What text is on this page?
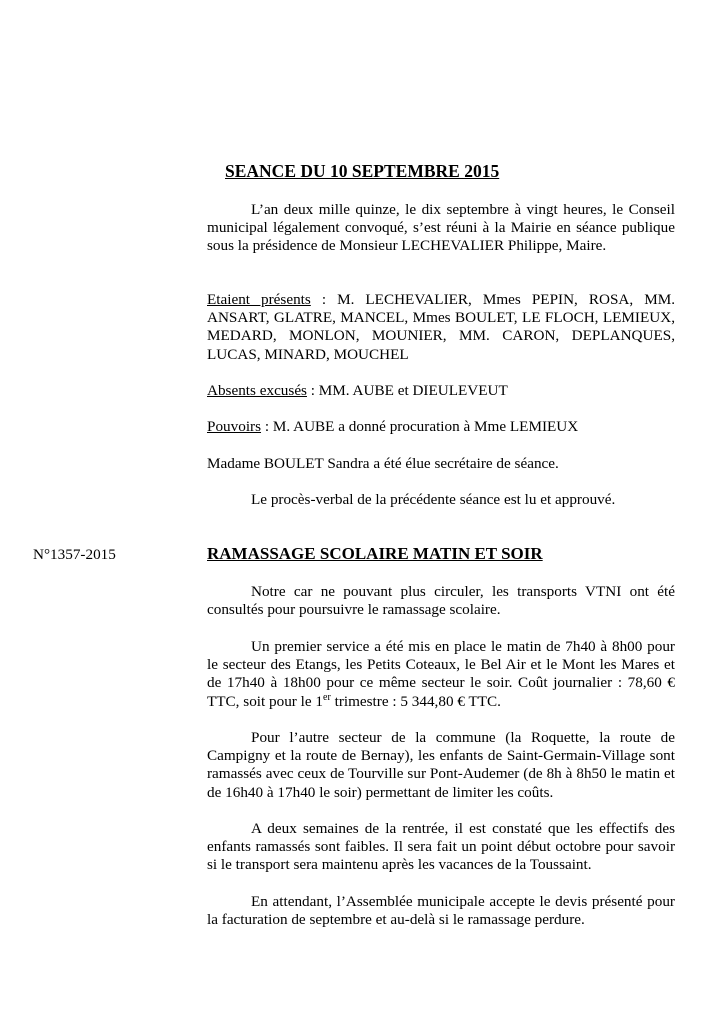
SEANCE DU 10 SEPTEMBRE 2015

L’an deux mille quinze, le dix septembre à vingt heures, le Conseil municipal légalement convoqué, s’est réuni à la Mairie en séance publique sous la présidence de Monsieur LECHEVALIER Philippe, Maire.

Etaient présents : M. LECHEVALIER, Mmes PEPIN, ROSA, MM. ANSART, GLATRE, MANCEL, Mmes BOULET, LE FLOCH, LEMIEUX, MEDARD, MONLON, MOUNIER, MM. CARON, DEPLANQUES, LUCAS, MINARD, MOUCHEL

Absents excusés : MM. AUBE et DIEULEVEUT

Pouvoirs : M. AUBE a donné procuration à Mme LEMIEUX

Madame BOULET Sandra a été élue secrétaire de séance.

Le procès-verbal de la précédente séance est lu et approuvé.

N°1357-2015	RAMASSAGE SCOLAIRE MATIN ET SOIR

Notre car ne pouvant plus circuler, les transports VTNI ont été consultés pour poursuivre le ramassage scolaire.

Un premier service a été mis en place le matin de 7h40 à 8h00 pour le secteur des Etangs, les Petits Coteaux, le Bel Air et le Mont les Mares et de 17h40 à 18h00 pour ce même secteur le soir. Coût journalier : 78,60 € TTC, soit pour le 1er trimestre : 5 344,80 € TTC.

Pour l’autre secteur de la commune (la Roquette, la route de Campigny et la route de Bernay), les enfants de Saint-Germain-Village sont ramassés avec ceux de Tourville sur Pont-Audemer (de 8h à 8h50 le matin et de 16h40 à 17h40 le soir) permettant de limiter les coûts.

A deux semaines de la rentrée, il est constaté que les effectifs des enfants ramassés sont faibles. Il sera fait un point début octobre pour savoir si le transport sera maintenu après les vacances de la Toussaint.

En attendant, l’Assemblée municipale accepte le devis présenté pour la facturation de septembre et au-delà si le ramassage perdure.
